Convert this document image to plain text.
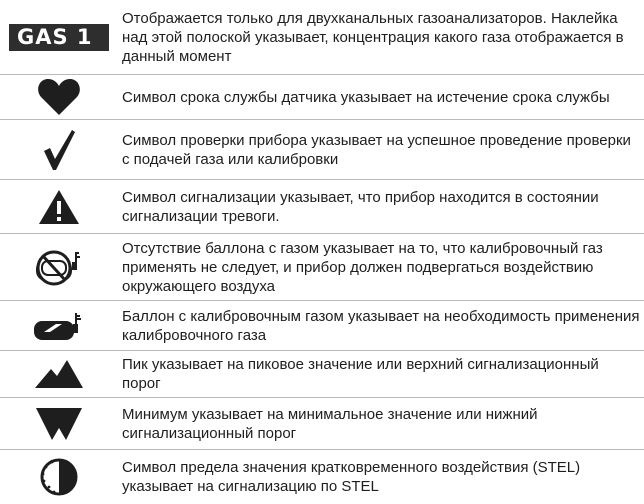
GAS 1
Отображается только для двухканальных газоанализаторов. Наклейка над этой полоской указывает, концентрация какого газа отображается в данный момент
Символ срока службы датчика указывает на истечение срока службы
Символ проверки прибора указывает на успешное проведение проверки с подачей газа или калибровки
Символ сигнализации указывает, что прибор находится в состоянии сигнализации тревоги.
Отсутствие баллона с газом указывает на то, что калибровочный газ применять не следует, и прибор должен подвергаться воздействию окружающего воздуха
Баллон с калибровочным газом указывает на необходимость применения калибровочного газа
Пик указывает на пиковое значение или верхний сигнализационный порог
Минимум указывает на минимальное значение или нижний сигнализационный порог
Символ предела значения кратковременного воздействия (STEL) указывает на сигнализацию по STEL
